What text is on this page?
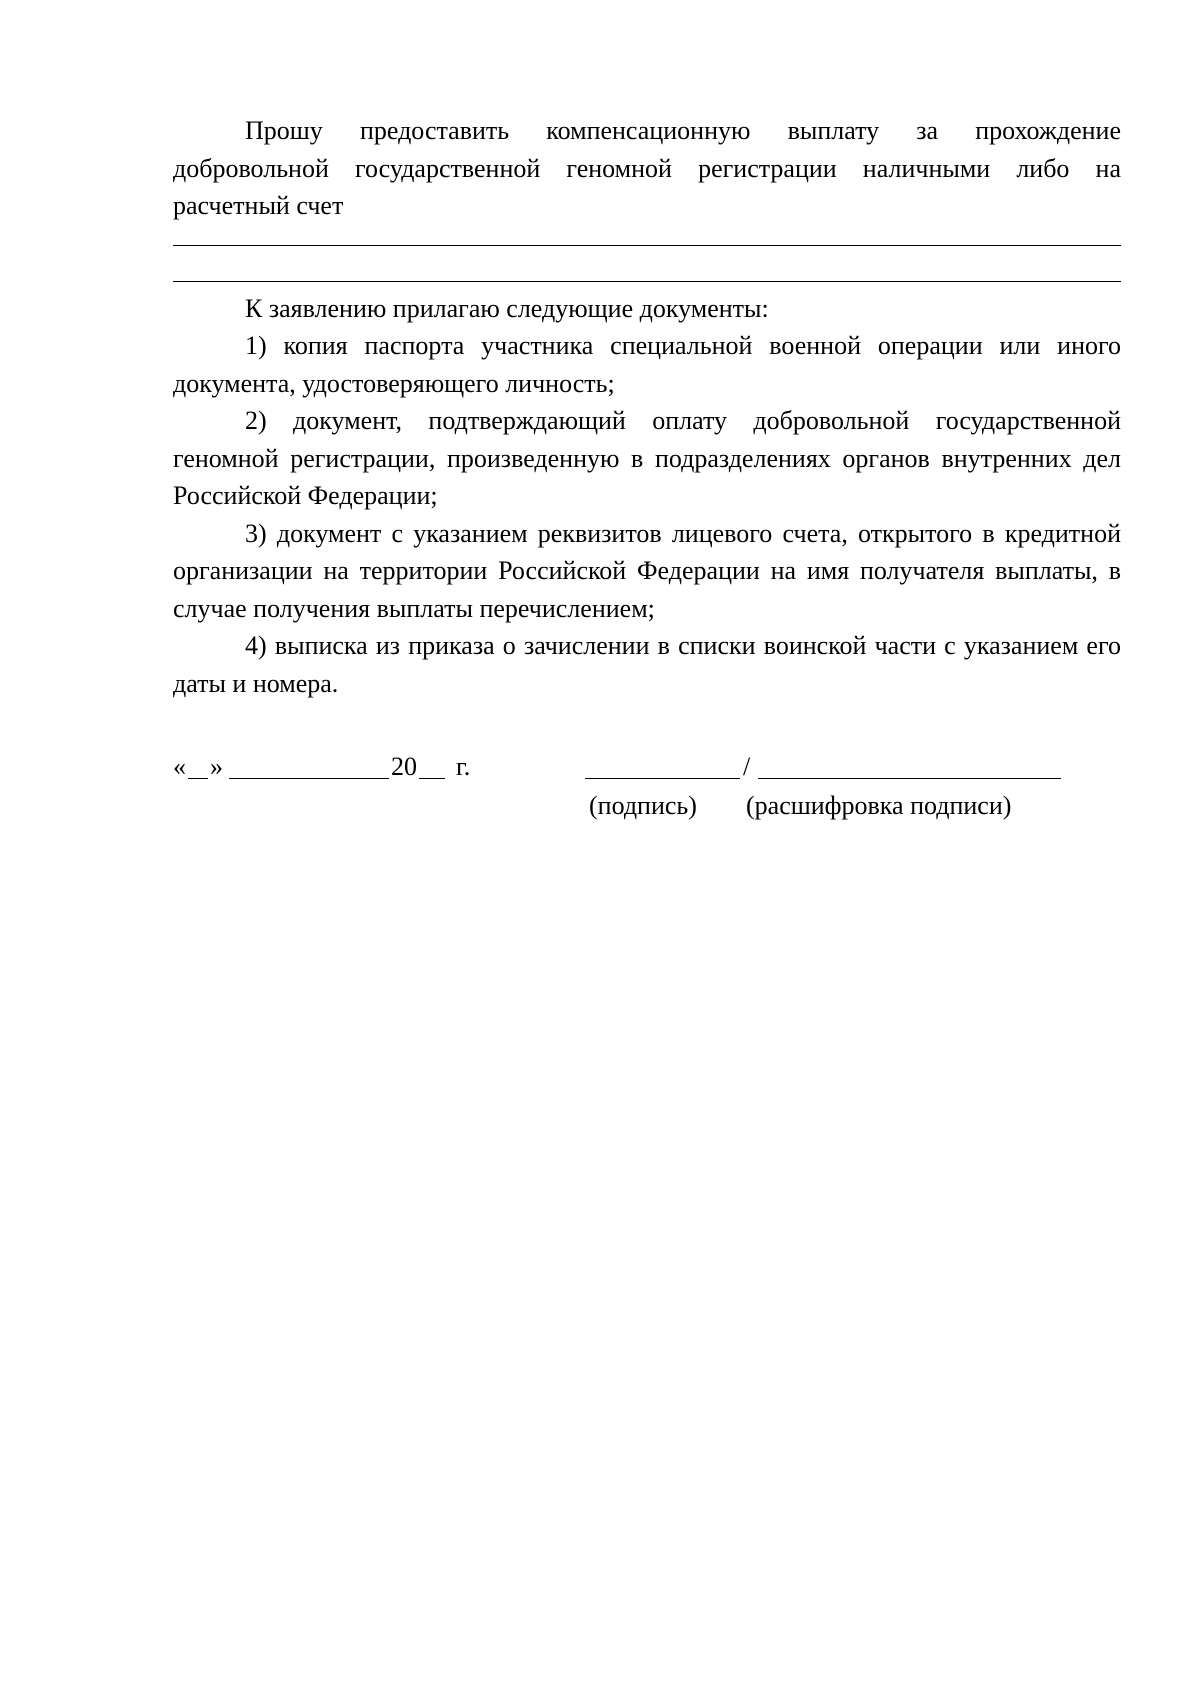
Прошу предоставить компенсационную выплату за прохождение добровольной государственной геномной регистрации наличными либо на расчетный счет

К заявлению прилагаю следующие документы:

1) копия паспорта участника специальной военной операции или иного документа, удостоверяющего личность;

2) документ, подтверждающий оплату добровольной государственной геномной регистрации, произведенную в подразделениях органов внутренних дел Российской Федерации;

3) документ с указанием реквизитов лицевого счета, открытого в кредитной организации на территории Российской Федерации на имя получателя выплаты, в случае получения выплаты перечислением;

4) выписка из приказа о зачислении в списки воинской части с указанием его даты и номера.

« »	20 г.	/
(подпись) (расшифровка подписи)
